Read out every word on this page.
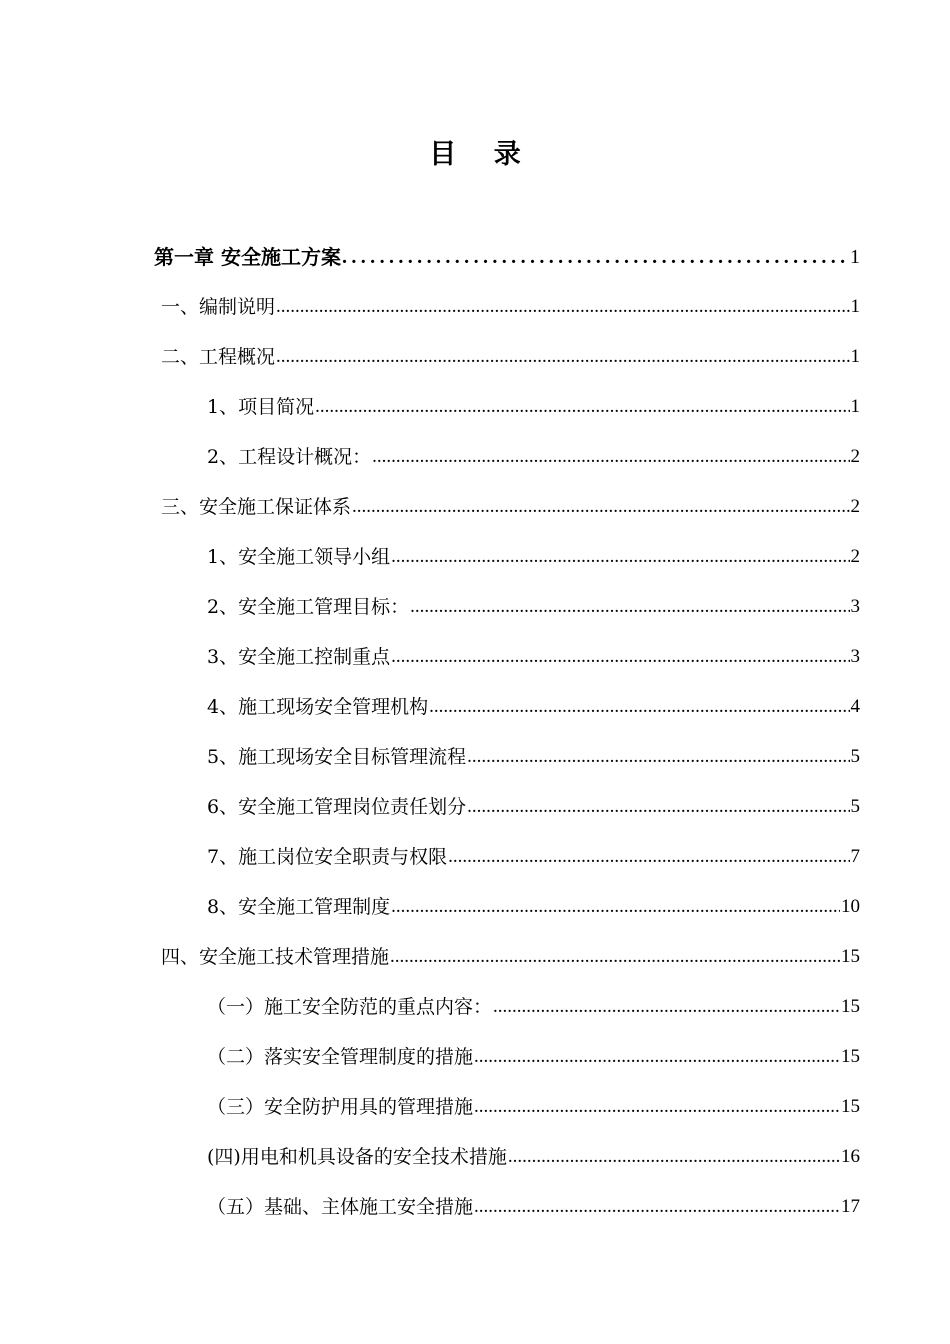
目 录
第一章 安全施工方案 .....	1
一、编制说明 .....	1
二、工程概况 .....	1
1、项目简况 .....	1
2、工程设计概况： .....	2
三、安全施工保证体系 .....	2
1、安全施工领导小组 .....	2
2、安全施工管理目标： .....	3
3、安全施工控制重点 .....	3
4、施工现场安全管理机构 .....	4
5、施工现场安全目标管理流程 .....	5
6、安全施工管理岗位责任划分 .....	5
7、施工岗位安全职责与权限 .....	7
8、安全施工管理制度 .....	10
四、安全施工技术管理措施 .....	15
（一）施工安全防范的重点内容： .....	15
（二）落实安全管理制度的措施 .....	15
（三）安全防护用具的管理措施 .....	15
(四)用电和机具设备的安全技术措施 .....	16
（五）基础、主体施工安全措施 .....	17
